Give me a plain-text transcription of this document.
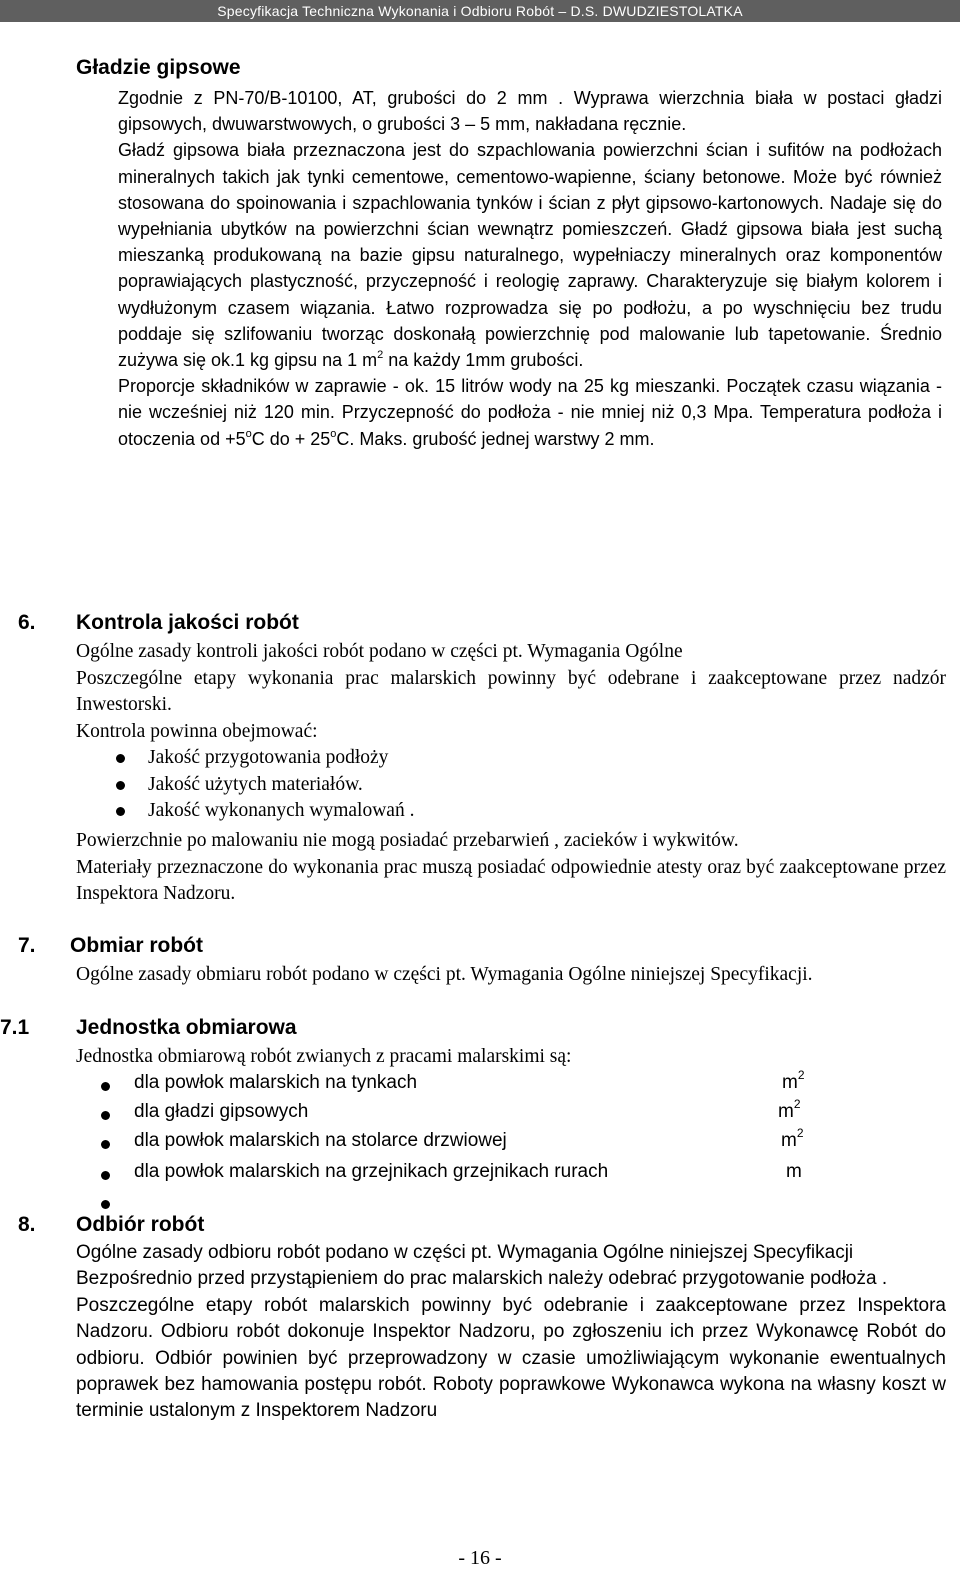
Specyfikacja Techniczna Wykonania i Odbioru Robót – D.S. DWUDZIESTOLATKA
Gładzie gipsowe

Zgodnie z PN-70/B-10100, AT, grubości do 2 mm . Wyprawa wierzchnia biała w postaci gładzi gipsowych, dwuwarstwowych, o grubości 3 – 5 mm, nakładana ręcznie.

Gładź gipsowa biała przeznaczona jest do szpachlowania powierzchni ścian i sufitów na podłożach mineralnych takich jak tynki cementowe, cementowo-wapienne, ściany betonowe. Może być również stosowana do spoinowania i szpachlowania tynków i ścian z płyt gipsowo-kartonowych. Nadaje się do wypełniania ubytków na powierzchni ścian wewnątrz pomieszczeń. Gładź gipsowa biała jest suchą mieszanką produkowaną na bazie gipsu naturalnego, wypełniaczy mineralnych oraz komponentów poprawiających plastyczność, przyczepność i reologię zaprawy. Charakteryzuje się białym kolorem i wydłużonym czasem wiązania. Łatwo rozprowadza się po podłożu, a po wyschnięciu bez trudu poddaje się szlifowaniu tworząc doskonałą powierzchnię pod malowanie lub tapetowanie. Średnio zużywa się ok.1 kg gipsu na 1 $m^2$ na każdy 1mm grubości.

Proporcje składników w zaprawie - ok. 15 litrów wody na 25 kg mieszanki. Początek czasu wiązania - nie wcześniej niż 120 min. Przyczepność do podłoża - nie mniej niż 0,3 Mpa. Temperatura podłoża i otoczenia od $+5^oC$ do + $25^oC$. Maks. grubość jednej warstwy 2 mm.

6. Kontrola jakości robót

Ogólne zasady kontroli jakości robót podano w części pt. Wymagania Ogólne

Poszczególne etapy wykonania prac malarskich powinny być odebrane i zaakceptowane przez nadzór Inwestorski.

Kontrola powinna obejmować:

Jakość przygotowania podłoży
Jakość użytych materiałów.
Jakość wykonanych wymalowań .

Powierzchnie po malowaniu nie mogą posiadać przebarwień , zacieków i wykwitów.

Materiały przeznaczone do wykonania prac muszą posiadać odpowiednie atesty oraz być zaakceptowane przez Inspektora Nadzoru.

7. Obmiar robót

Ogólne zasady obmiaru robót podano w części pt. Wymagania Ogólne niniejszej Specyfikacji.

7.1 Jednostka obmiarowa

Jednostka obmiarową robót zwianych z pracami malarskimi są:

dla powłok malarskich na tynkach	$m^2$
dla gładzi gipsowych	$m^2$
dla powłok malarskich na stolarce drzwiowej	$m^2$
dla powłok malarskich na grzejnikach grzejnikach rurach	m
8. Odbiór robót

Ogólne zasady odbioru robót podano w części pt. Wymagania Ogólne niniejszej Specyfikacji

Bezpośrednio przed przystąpieniem do prac malarskich należy odebrać przygotowanie podłoża .

Poszczególne etapy robót malarskich powinny być odebranie i zaakceptowane przez Inspektora Nadzoru. Odbioru robót dokonuje Inspektor Nadzoru, po zgłoszeniu ich przez Wykonawcę Robót do odbioru. Odbiór powinien być przeprowadzony w czasie umożliwiającym wykonanie ewentualnych poprawek bez hamowania postępu robót. Roboty poprawkowe Wykonawca wykona na własny koszt w terminie ustalonym z Inspektorem Nadzoru

- 16 -
